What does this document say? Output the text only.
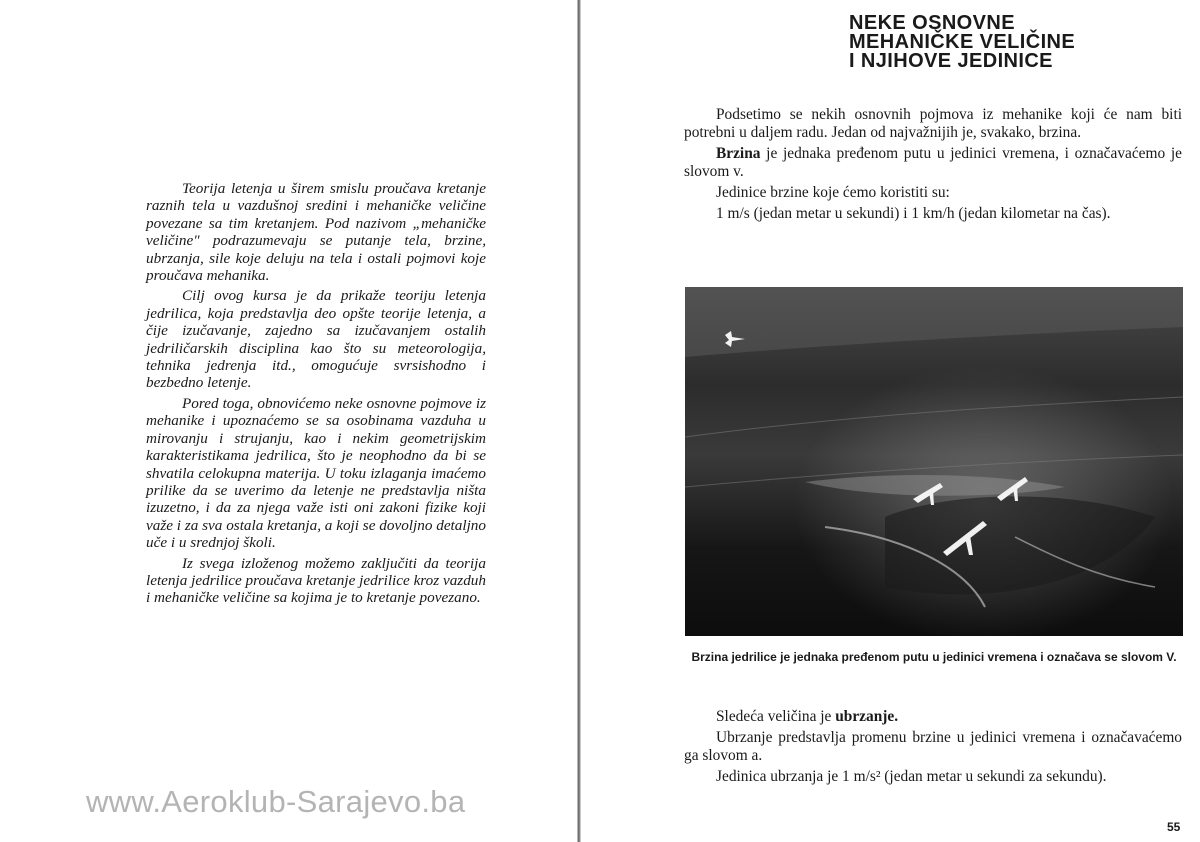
Teorija letenja u širem smislu proučava kretanje raznih tela u vazdušnoj sredini i mehaničke veličine povezane sa tim kretanjem. Pod nazivom „mehaničke veličine" podrazumevaju se putanje tela, brzine, ubrzanja, sile koje deluju na tela i ostali pojmovi koje proučava mehanika.

Cilj ovog kursa je da prikaže teoriju letenja jedrilica, koja predstavlja deo opšte teorije letenja, a čije izučavanje, zajedno sa izučavanjem ostalih jedriličarskih disciplina kao što su meteorologija, tehnika jedrenja itd., omogućuje svrsishodno i bezbedno letenje.

Pored toga, obnovićemo neke osnovne pojmove iz mehanike i upoznaćemo se sa osobinama vazduha u mirovanju i strujanju, kao i nekim geometrijskim karakteristikama jedrilica, što je neophodno da bi se shvatila celokupna materija. U toku izlaganja imaćemo prilike da se uverimo da letenje ne predstavlja ništa izuzetno, i da za njega važe isti oni zakoni fizike koji važe i za sva ostala kretanja, a koji se dovoljno detaljno uče i u srednjoj školi.

Iz svega izloženog možemo zaključiti da teorija letenja jedrilice proučava kretanje jedrilice kroz vazduh i mehaničke veličine sa kojima je to kretanje povezano.

www.Aeroklub-Sarajevo.ba
NEKE OSNOVNE
MEHANIČKE VELIČINE
I NJIHOVE JEDINICE

Podsetimo se nekih osnovnih pojmova iz mehanike koji će nam biti potrebni u daljem radu. Jedan od najvažnijih je, svakako, brzina.

Brzina je jednaka pređenom putu u jedinici vremena, i označavaćemo je slovom v.

Jedinice brzine koje ćemo koristiti su:

1 m/s (jedan metar u sekundi) i 1 km/h (jedan kilometar na čas).

Brzina jedrilice je jednaka pređenom putu u jedinici vremena i označava se slovom V.

Sledeća veličina je ubrzanje.

Ubrzanje predstavlja promenu brzine u jedinici vremena i označavaćemo ga slovom a.

Jedinica ubrzanja je 1 m/s² (jedan metar u sekundi za sekundu).

55
